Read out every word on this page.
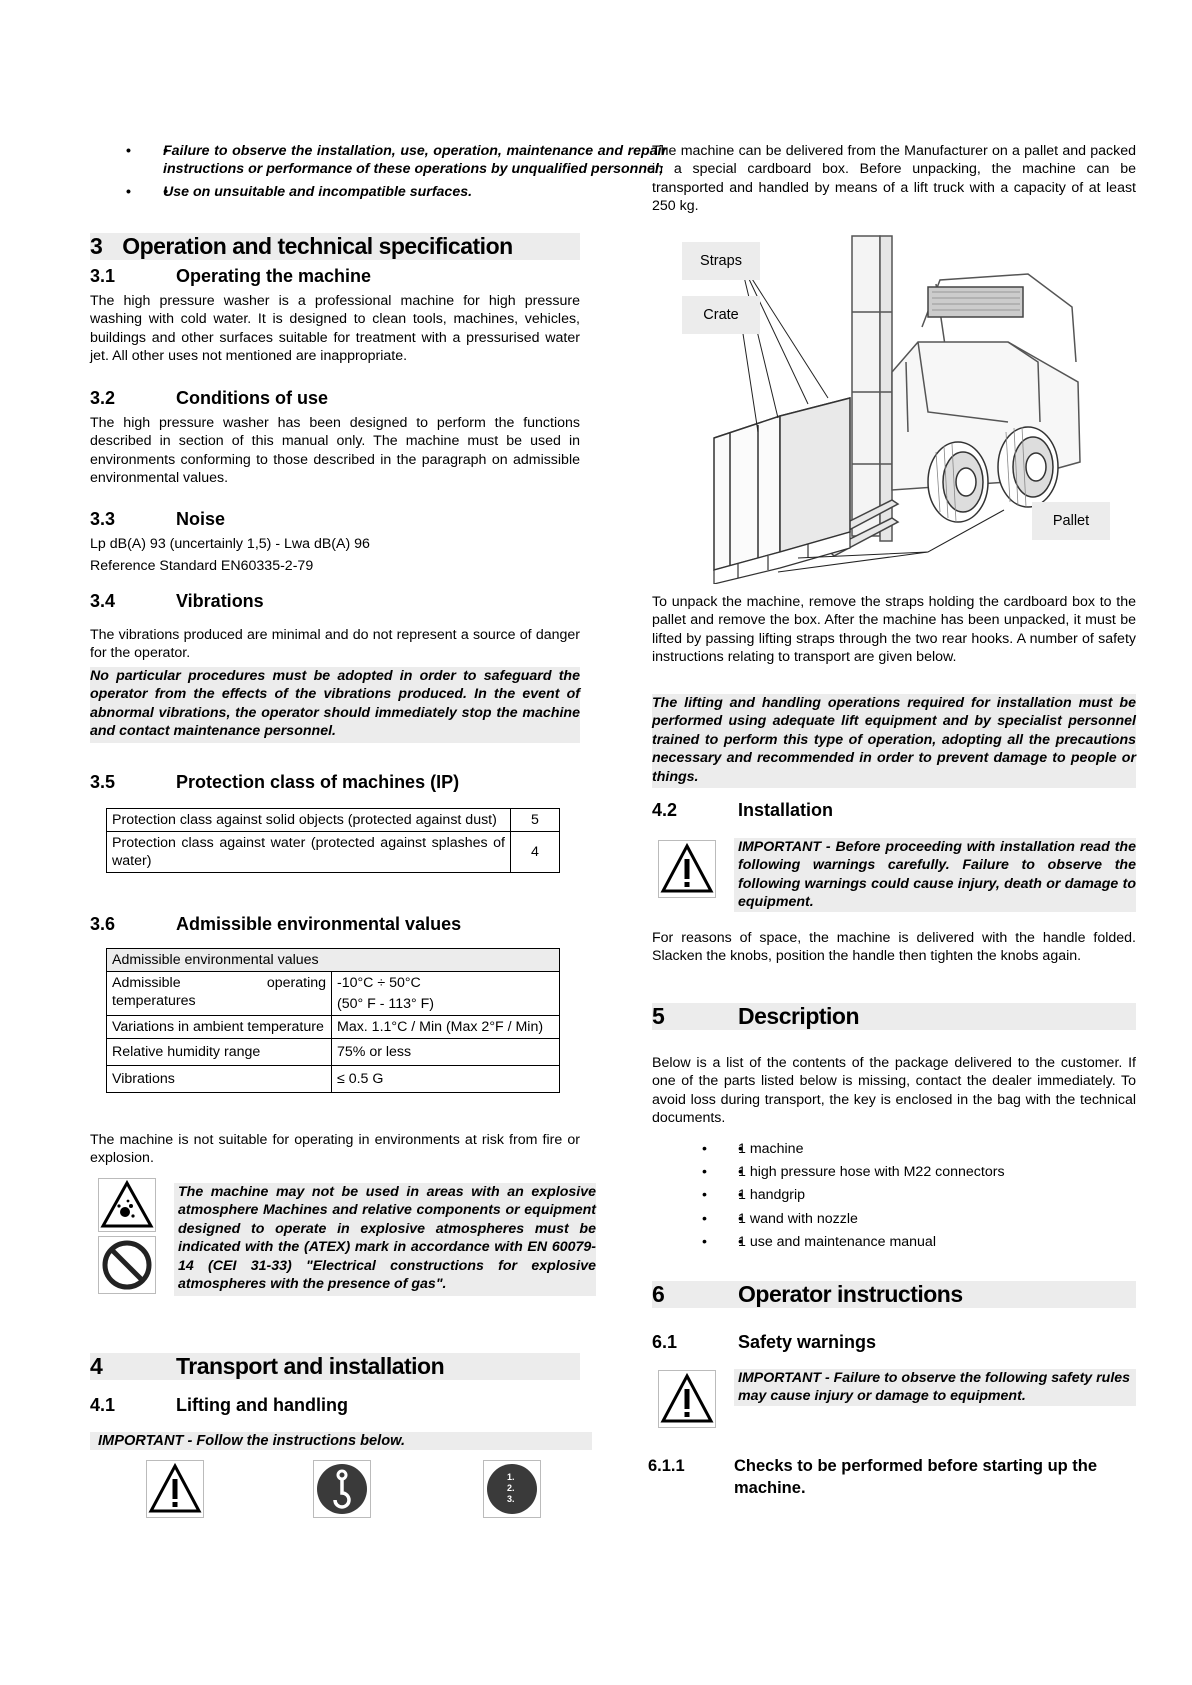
• • Failure to observe the installation, use, operation, maintenance and repair instructions or performance of these operations by unqualified personnel;
• • Use on unsuitable and incompatible surfaces.
3 Operation and technical specification
3.1	Operating the machine

The high pressure washer is a professional machine for high pressure washing with cold water. It is designed to clean tools, machines, vehicles, buildings and other surfaces suitable for treatment with a pressurised water jet. All other uses not mentioned are inappropriate.

3.2	Conditions of use

The high pressure washer has been designed to perform the functions described in section of this manual only. The machine must be used in environments conforming to those described in the paragraph on admissible environmental values.

3.3	Noise
Lp dB(A) 93 (uncertainly 1,5) - Lwa dB(A) 96
Reference Standard EN60335-2-79
3.4	Vibrations

The vibrations produced are minimal and do not represent a source of danger for the operator.

No particular procedures must be adopted in order to safeguard the operator from the effects of the vibrations produced. In the event of abnormal vibrations, the operator should immediately stop the machine and contact maintenance personnel.

3.5	Protection class of machines (IP)
Protection class against solid objects (protected against dust)	5
Protection class against water (protected against splashes of water)	4
3.6	Admissible environmental values
Admissible environmental values	
Admissible operating temperatures	-10°C ÷ 50°C
(50° F - 113° F)

Variations in ambient temperature	Max. 1.1°C / Min (Max 2°F / Min)
Relative humidity range	75% or less
Vibrations	≤ 0.5 G

The machine is not suitable for operating in environments at risk from fire or explosion.

The machine may not be used in areas with an explosive atmosphere Machines and relative components or equipment designed to operate in explosive atmospheres must be indicated with the (ATEX) mark in accordance with EN 60079-14 (CEI 31-33) "Electrical constructions for explosive atmospheres with the presence of gas".

4	Transport and installation
4.1	Lifting and handling
IMPORTANT - Follow the instructions below.
1.
2.
3.

The machine can be delivered from the Manufacturer on a pallet and packed in a special cardboard box. Before unpacking, the machine can be transported and handled by means of a lift truck with a capacity of at least 250 kg.

Straps
Crate
Pallet

To unpack the machine, remove the straps holding the cardboard box to the pallet and remove the box. After the machine has been unpacked, it must be lifted by passing lifting straps through the two rear hooks. A number of safety instructions relating to transport are given below.

The lifting and handling operations required for installation must be performed using adequate lift equipment and by specialist personnel trained to perform this type of operation, adopting all the precautions necessary and recommended in order to prevent damage to people or things.

4.2	Installation

IMPORTANT - Before proceeding with installation read the following warnings carefully. Failure to observe the following warnings could cause injury, death or damage to equipment.

For reasons of space, the machine is delivered with the handle folded. Slacken the knobs, position the handle then tighten the knobs again.

5	Description

Below is a list of the contents of the package delivered to the customer. If one of the parts listed below is missing, contact the dealer immediately. To avoid loss during transport, the key is enclosed in the bag with the technical documents.

• • 1 machine
• • 1 high pressure hose with M22 connectors
• • 1 handgrip
• • 1 wand with nozzle
• • 1 use and maintenance manual
6	Operator instructions
6.1	Safety warnings

IMPORTANT - Failure to observe the following safety rules may cause injury or damage to equipment.

6.1.1	Checks to be performed before starting up the
machine.
